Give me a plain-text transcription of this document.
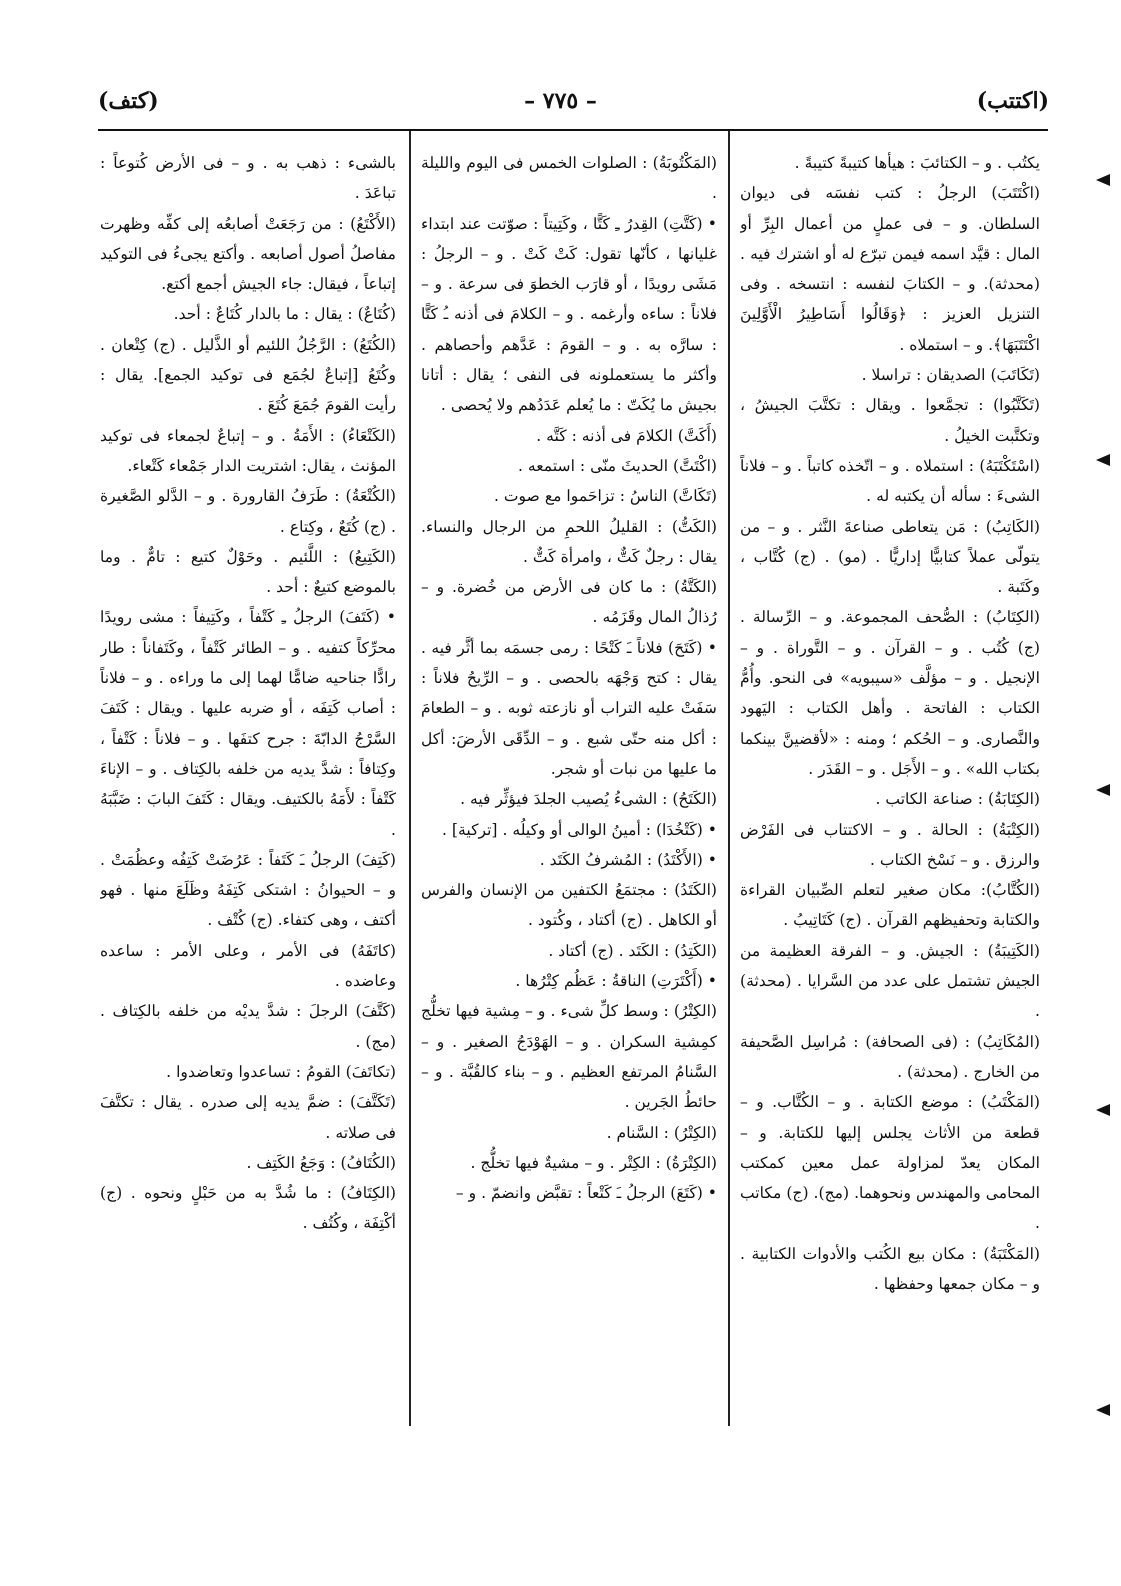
(اكتتب)
– ٧٧٥ –
(كتف)

يكتُب . و – الكتائبَ : هيأها كتيبةً كتيبةً .

(اكْتَتَبَ) الرجلُ : كتب نفسَه فى ديوان السلطان. و – فى عملٍ من أعمال البِرِّ أو المال : قيَّد اسمه فيمن تبرّع له أو اشترك فيه . (محدثة). و – الكتابَ لنفسه : انتسخه . وفى التنزيل العزيز : ﴿وَقَالُوا أَسَاطِيرُ الْأَوَّلِينَ اكْتَتَبَهَا﴾. و – استملاه .

(تَكَاتَبَ) الصديقان : تراسلا .

(تَكَتَّبُوا) : تجمَّعوا . ويقال : تكتَّبَ الجيشُ ، وتكتَّبت الخيلُ .

(اسْتَكْتَبَهُ) : استملاه . و – اتّخذه كاتباً . و – فلاناً الشىءَ : سأله أن يكتبه له .

(الكَاتِبُ) : مَن يتعاطى صناعةَ النَّثر . و – من يتولّى عملاً كتابيًّا إداريًّا . (مو) . (ج) كُتَّاب ، وكَتَبة .

(الكِتَابُ) : الصُّحف المجموعة. و – الرِّسالة . (ج) كُتُب . و – القرآن . و – التَّوراة . و – الإنجيل . و – مؤلَّف «سيبويه» فى النحو. وأُمُّ الكتاب : الفاتحة . وأهل الكتاب : اليَهود والنَّصارى. و – الحُكم ؛ ومنه : «لأقضينَّ بينكما بكتاب الله» . و – الأَجَل . و – القَدَر .

(الكِتَابَةُ) : صناعة الكاتب .

(الكِتْبَةُ) : الحالة . و – الاكتتاب فى الفَرْض والرزق . و – نَسْخ الكتاب .

(الكُتَّابُ): مكان صغير لتعلم الصِّبيان القراءة والكتابة وتحفيظهم القرآن . (ج) كَتَاتِيبُ .

(الكَتِيبَةُ) : الجيش. و – الفرقة العظيمة من الجيش تشتمل على عدد من السَّرايا . (محدثة) .

(المُكَاتِبُ) : (فى الصحافة) : مُراسِل الصَّحيفة من الخارج . (محدثة) .

(المَكْتَبُ) : موضع الكتابة . و – الكُتَّاب. و – قطعة من الأثاث يجلس إليها للكتابة. و – المكان يعدّ لمزاولة عمل معين كمكتب المحامى والمهندس ونحوهما. (مج). (ج) مكاتب .

(المَكْتَبَةُ) : مكان بيع الكُتب والأدوات الكتابية . و – مكان جمعها وحفظها .

(المَكْتُوبَةُ) : الصلوات الخمس فى اليوم والليلة .

• (كَتَّتِ) القِدرُ ـِ كَتًّا ، وكَتِيتاً : صوّتت عند ابتداء غليانها ، كأنّها تقول: كَتْ كَتْ . و – الرجلُ : مَشَى رويدًا ، أو قارَب الخطوَ فى سرعة . و – فلاناً : ساءه وأرغمه . و – الكلامَ فى أذنه ـُ كَتًّا : سارَّه به . و – القومَ : عَدَّهم وأحصاهم . وأكثر ما يستعملونه فى النفى ؛ يقال : أتانا بجيش ما يُكَتّ : ما يُعلم عَدَدُهم ولا يُحصى .

(أَكَتَّ) الكلامَ فى أذنه : كَتَّه .

(اكْتَتَّ) الحديثَ منّى : استمعه .

(تَكَاتَّ) الناسُ : تزاحَموا مع صوت .

(الكَتُّ) : القليلُ اللحمِ من الرجال والنساء. يقال : رجلٌ كَتٌّ ، وامرأة كَتٌّ .

(الكَتَّةُ) : ما كان فى الأرض من خُضرة. و – رُذالُ المال وقَزَمُه .

• (كَتَحَ) فلاناً ـَ كَتْحًا : رمى جسمَه بما أثَّر فيه . يقال : كتح وَجْهَه بالحصى . و – الرِّيحُ فلاناً : سَفَتْ عليه التراب أو نازعته ثوبه . و – الطعامَ : أكل منه حتّى شبع . و – الدِّقَى الأرضَ: أكل ما عليها من نبات أو شجر.

(الكَتَحُ) : الشىءُ يُصيب الجلدَ فيؤثِّر فيه .

• (كَتْخُدَا) : أمينُ الوالى أو وكيلُه . [تركية] .

• (الأَكْتَدُ) : المُشرفُ الكَتَد .

(الكَتَدُ) : مجتمَعُ الكتفين من الإنسان والفرس أو الكاهل . (ج) أكتاد ، وكُتود .

(الكَتِدُ) : الكَتَد . (ج) أكتاد .

• (أَكْتَرَتِ) الناقةُ : عَظُم كِتْرُها .

(الكِتْرُ) : وسط كلِّ شىء . و – مِشية فيها تخلُّج كمِشية السكران . و – الهَوْدَجُ الصغير . و – السَّنامُ المرتفع العظيم . و – بناء كالقُبَّة . و – حائطُ الجَرين .

(الكِتْرُ) : السَّنام .

(الكِتْرَةُ) : الكِتْر . و – مشيةٌ فيها تخلُّج .

• (كَتَعَ) الرجلُ ـَ كَتْعاً : تقبَّض وانضمّ . و –

بالشىء : ذهب به . و – فى الأرض كُتوعاً : تباعَدَ .

(الأَكْتَعُ) : من رَجَعَتْ أصابعُه إلى كفِّه وظهرت مفاصلُ أصول أصابعه . وأكتع يجىءُ فى التوكيد إتباعاً ، فيقال: جاء الجيش أجمع أكتع.

(كُتَاعٌ) : يقال : ما بالدار كُتَاعٌ : أحد.

(الكُتَعُ) : الرَّجُلُ اللئيم أو الذَّليل . (ج) كِتْعان . وكُتَعُ [إتباعٌ لجُمَع فى توكيد الجمع]. يقال : رأيت القومَ جُمَعَ كُتَعَ .

(الكَتْعَاءُ) : الأَمَةُ . و – إتباعٌ لجمعاء فى توكيد المؤنث ، يقال: اشتريت الدار جَمْعاء كَتْعاء.

(الكُتْعَةُ) : طَرَفُ القارورة . و – الدَّلو الصَّغيرة . (ج) كُتَعٌ ، وكِتاع .

(الكَتِيعُ) : اللَّئيم . وحَوْلٌ كتيع : تامٌّ . وما بالموضع كتيعٌ : أحد .

• (كَتَفَ) الرجلُ ـِ كَتْفاً ، وكَتِيفاً : مشى رويدًا محرِّكاً كتفيه . و – الطائر كَتْفاً ، وكَتَفاناً : طار رادًّا جناحيه ضامًّا لهما إلى ما وراءه . و – فلاناً : أصاب كَتِفَه ، أو ضربه عليها . ويقال : كَتَفَ السَّرْجُ الدابّةَ : جرح كتفَها . و – فلاناً : كَتْفاً ، وكِتافاً : شدَّ يديه من خلفه بالكِتاف . و – الإناءَ كَتْفاً : لأَمَهُ بالكتيف. ويقال : كَتَفَ البابَ : ضَبَّبَهُ .

(كَتِفَ) الرجلُ ـَ كَتَفاً : عَرُضَتْ كَتِفُه وعظُمَتْ . و – الحيوانُ : اشتكى كَتِفَهُ وظَلَعَ منها . فهو أكتف ، وهى كتفاء. (ج) كُتْف .

(كاتَفَهُ) فى الأمر ، وعلى الأمر : ساعده وعاضده .

(كَتَّفَ) الرجلَ : شدَّ يديْه من خلفه بالكِتاف . (مج) .

(تكاتَفَ) القومُ : تساعدوا وتعاضدوا .

(تَكَتَّفَ) : ضمَّ يديه إلى صدره . يقال : تكتَّفَ فى صلاته .

(الكُتَافُ) : وَجَعُ الكَتِف .

(الكِتَافُ) : ما شُدَّ به من حَبْلٍ ونحوه . (ج) أكْتِفَة ، وكُتُف .
